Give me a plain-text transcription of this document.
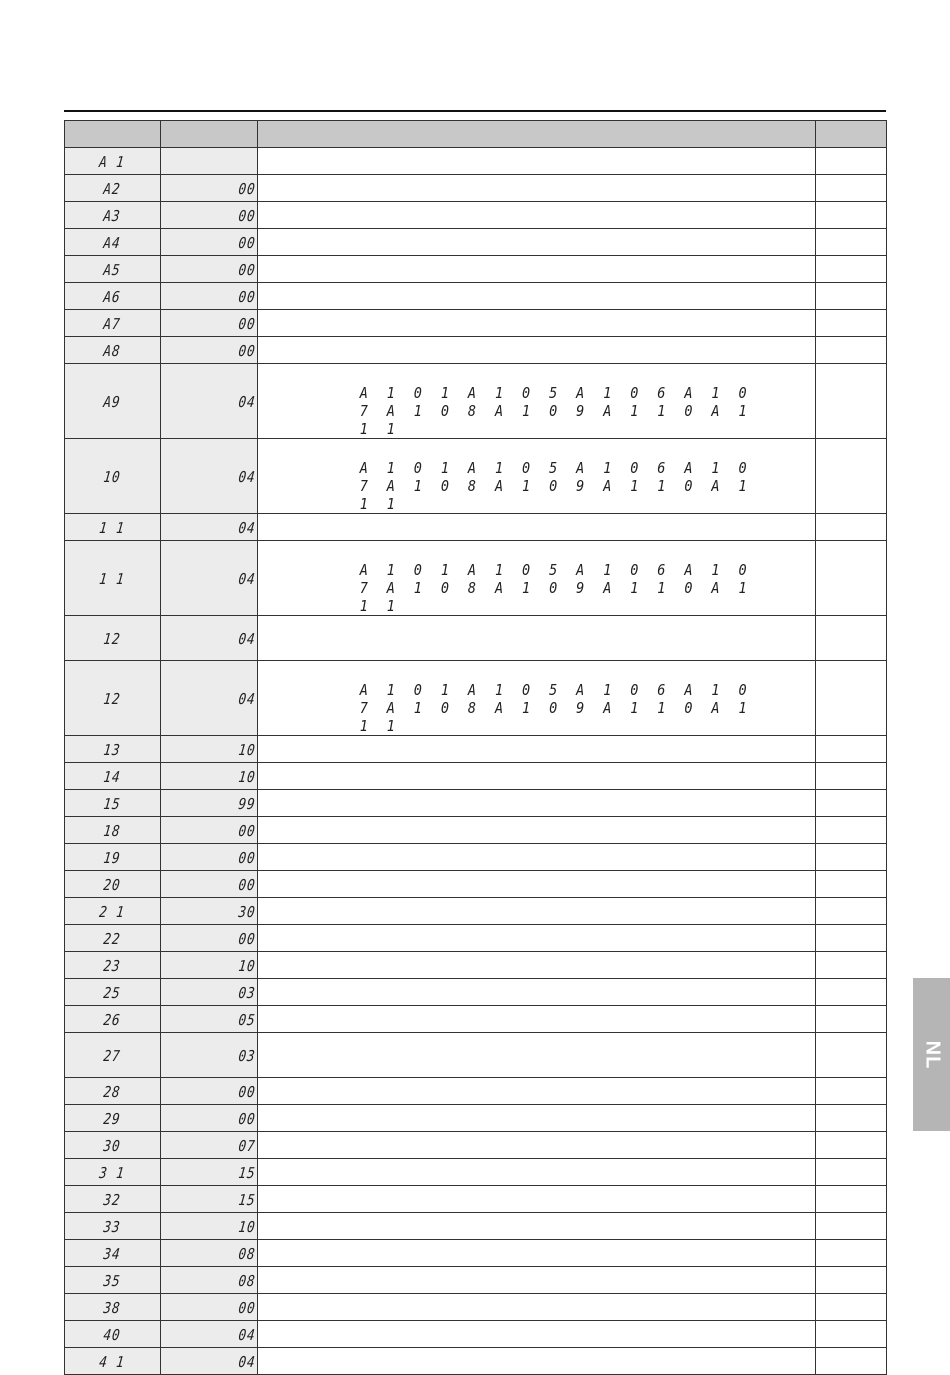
A 1			
A2	00		
A3	00		
A4	00		
A5	00		
A6	00		
A7	00		
A8	00		
A9	04	A 1 0 1 A 1 0 5 A 1 0 6 A 1 0 7 A 1 0 8 A 1 0 9 A 1 1 0 A 1 1 1	

10	04	A 1 0 1 A 1 0 5 A 1 0 6 A 1 0 7 A 1 0 8 A 1 0 9 A 1 1 0 A 1 1 1	

1 1	04		
1 1	04	A 1 0 1 A 1 0 5 A 1 0 6 A 1 0 7 A 1 0 8 A 1 0 9 A 1 1 0 A 1 1 1	

12	04		
12	04	A 1 0 1 A 1 0 5 A 1 0 6 A 1 0 7 A 1 0 8 A 1 0 9 A 1 1 0 A 1 1 1	

13	10		
14	10		
15	99		
18	00		
19	00		
20	00		
2 1	30		
22	00		
23	10		
25	03		
26	05		
27	03		
28	00		
29	00		
30	07		
3 1	15		
32	15		
33	10		
34	08		
35	08		
38	00		
40	04		
4 1	04		
NL
